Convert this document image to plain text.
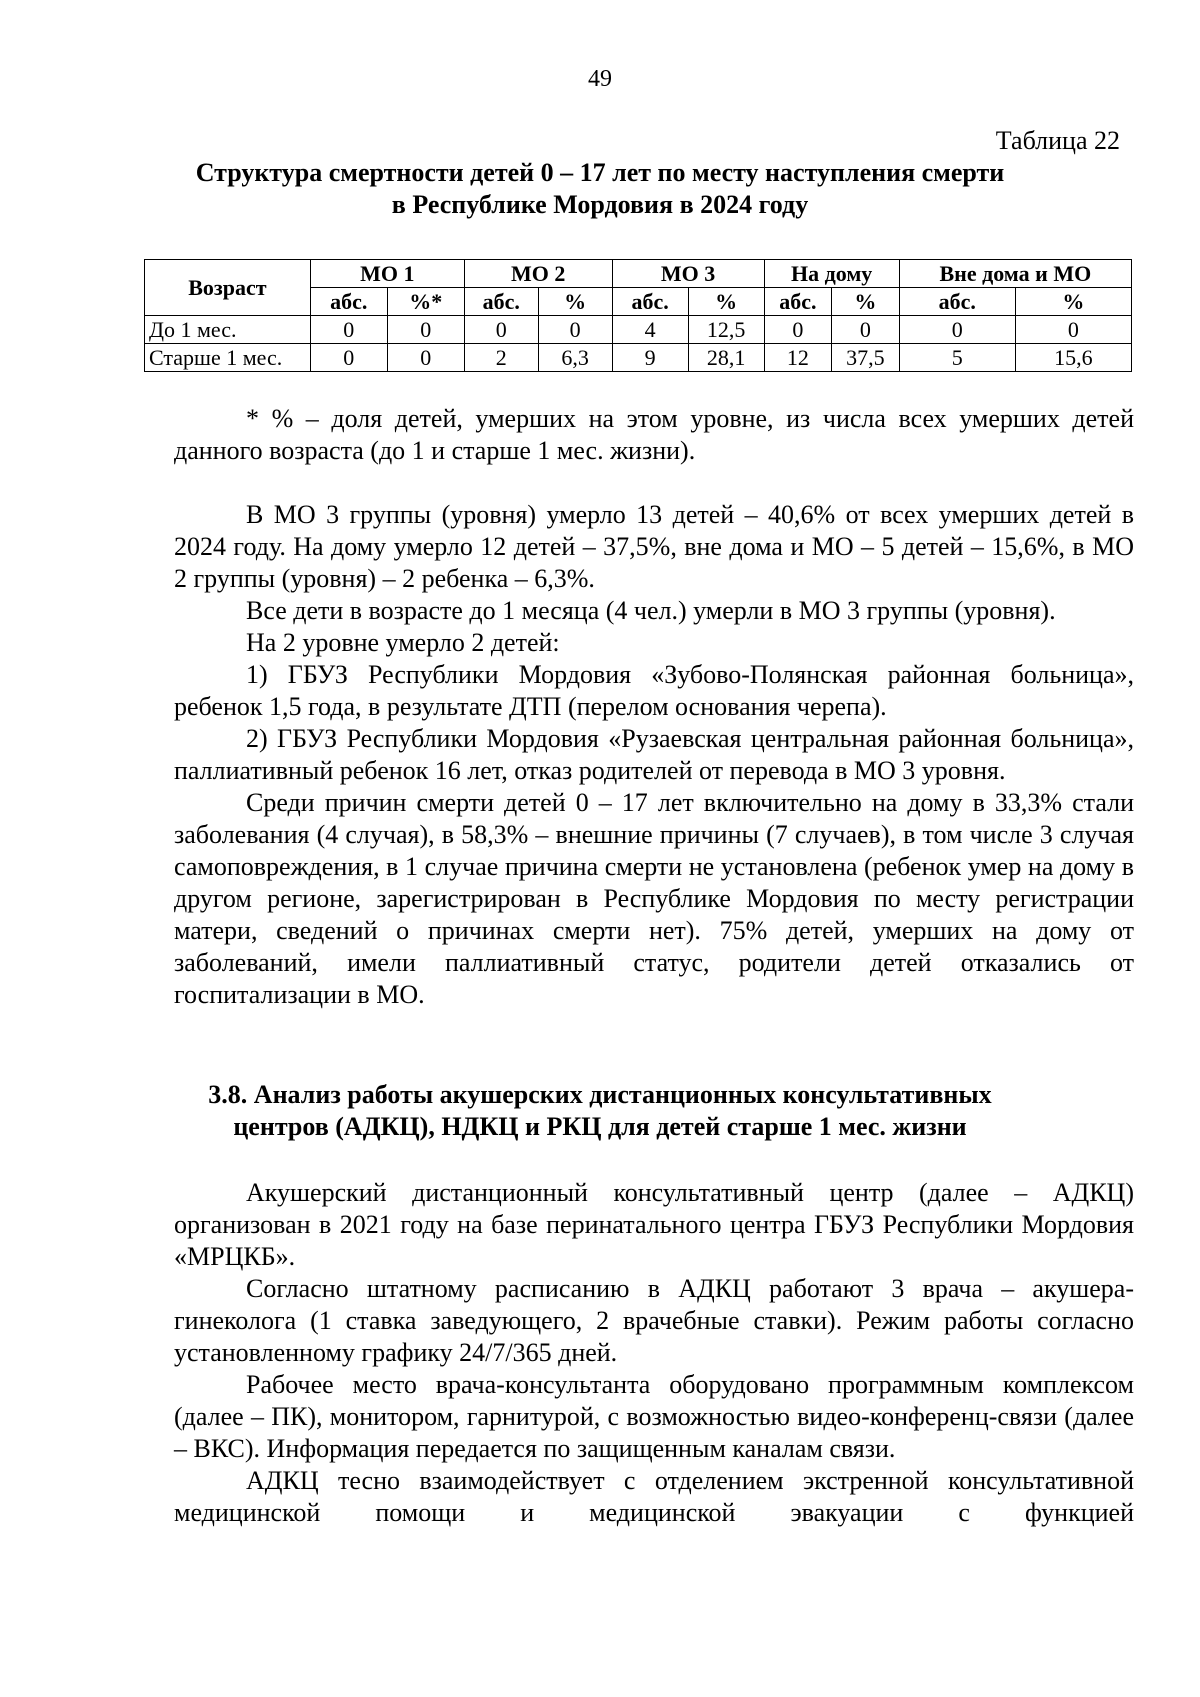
49
Таблица 22
Структура смертности детей 0 – 17 лет по месту наступления смерти
в Республике Мордовия в 2024 году
Возраст	МО 1		МО 2		МО 3		На дому		Вне дома и МО	
	абс.	%*	абс.	%	абс.	%	абс.	%	абс.	%
До 1 мес.	0	0	0	0	4	12,5	0	0	0	0
Старше 1 мес.	0	0	2	6,3	9	28,1	12	37,5	5	15,6

* % – доля детей, умерших на этом уровне, из числа всех умерших детей данного возраста (до 1 и старше 1 мес. жизни).

В МО 3 группы (уровня) умерло 13 детей – 40,6% от всех умерших детей в 2024 году. На дому умерло 12 детей – 37,5%, вне дома и МО – 5 детей – 15,6%, в МО 2 группы (уровня) – 2 ребенка – 6,3%.

Все дети в возрасте до 1 месяца (4 чел.) умерли в МО 3 группы (уровня).

На 2 уровне умерло 2 детей:

1) ГБУЗ Республики Мордовия «Зубово-Полянская районная больница», ребенок 1,5 года, в результате ДТП (перелом основания черепа).

2) ГБУЗ Республики Мордовия «Рузаевская центральная районная больница», паллиативный ребенок 16 лет, отказ родителей от перевода в МО 3 уровня.

Среди причин смерти детей 0 – 17 лет включительно на дому в 33,3% стали заболевания (4 случая), в 58,3% – внешние причины (7 случаев), в том числе 3 случая самоповреждения, в 1 случае причина смерти не установлена (ребенок умер на дому в другом регионе, зарегистрирован в Республике Мордовия по месту регистрации матери, сведений о причинах смерти нет). 75% детей, умерших на дому от заболеваний, имели паллиативный статус, родители детей отказались от госпитализации в МО.

3.8. Анализ работы акушерских дистанционных консультативных
центров (АДКЦ), НДКЦ и РКЦ для детей старше 1 мес. жизни

Акушерский дистанционный консультативный центр (далее – АДКЦ) организован в 2021 году на базе перинатального центра ГБУЗ Республики Мордовия «МРЦКБ».

Согласно штатному расписанию в АДКЦ работают 3 врача – акушера-гинеколога (1 ставка заведующего, 2 врачебные ставки). Режим работы согласно установленному графику 24/7/365 дней.

Рабочее место врача-консультанта оборудовано программным комплексом (далее – ПК), монитором, гарнитурой, с возможностью видео-конференц-связи (далее – ВКС). Информация передается по защищенным каналам связи.

АДКЦ тесно взаимодействует с отделением экстренной консультативной медицинской помощи и медицинской эвакуации с функцией
